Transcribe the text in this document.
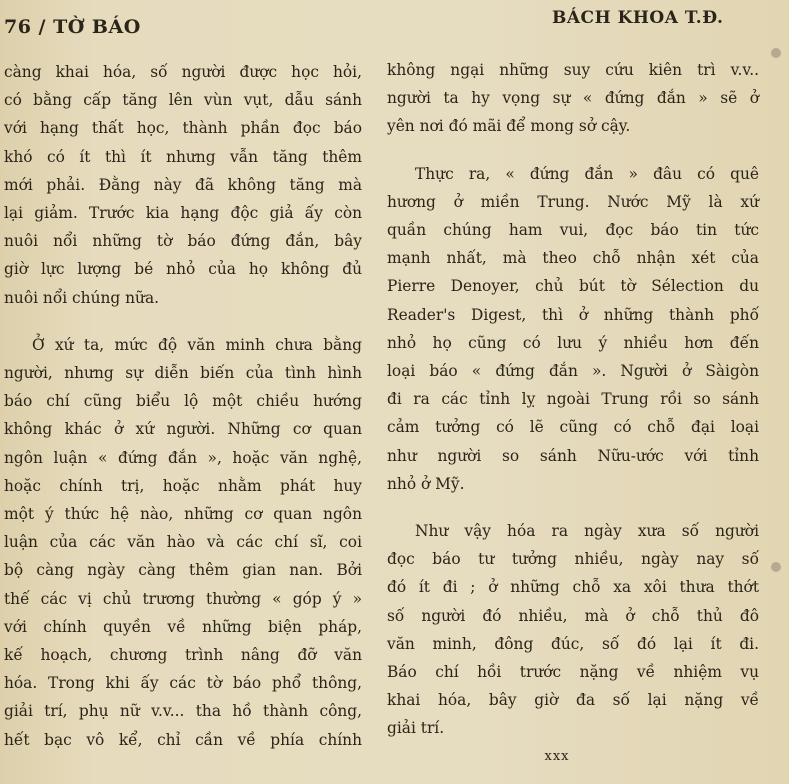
76 / TỜ BÁO	BÁCH KHOA T.Đ.

càng khai hóa, số người được học hỏi,
có bằng cấp tăng lên vùn vụt, dẫu sánh
với hạng thất học, thành phần đọc báo
khó có ít thì ít nhưng vẫn tăng thêm
mới phải. Đằng này đã không tăng mà
lại giảm. Trước kia hạng độc giả ấy còn
nuôi nổi những tờ báo đứng đắn, bây
giờ lực lượng bé nhỏ của họ không đủ
nuôi nổi chúng nữa.

Ở xứ ta, mức độ văn minh chưa bằng
người, nhưng sự diễn biến của tình hình
báo chí cũng biểu lộ một chiều hướng
không khác ở xứ người. Những cơ quan
ngôn luận « đứng đắn », hoặc văn nghệ,
hoặc chính trị, hoặc nhằm phát huy
một ý thức hệ nào, những cơ quan ngôn
luận của các văn hào và các chí sĩ, coi
bộ càng ngày càng thêm gian nan. Bởi
thế các vị chủ trương thường « góp ý »
với chính quyền về những biện pháp,
kế hoạch, chương trình nâng đỡ văn
hóa. Trong khi ấy các tờ báo phổ thông,
giải trí, phụ nữ v.v... tha hồ thành công,
hết bạc vô kể, chỉ cần về phía chính

không ngại những suy cứu kiên trì v.v..
người ta hy vọng sự « đứng đắn » sẽ ở
yên nơi đó mãi để mong sở cậy.

Thực ra, « đứng đắn » đâu có quê
hương ở miền Trung. Nước Mỹ là xứ
quần chúng ham vui, đọc báo tin tức
mạnh nhất, mà theo chỗ nhận xét của
Pierre Denoyer, chủ bút tờ Sélection du
Reader's Digest, thì ở những thành phố
nhỏ họ cũng có lưu ý nhiều hơn đến
loại báo « đứng đắn ». Người ở Sàigòn
đi ra các tỉnh lỵ ngoài Trung rồi so sánh
cảm tưởng có lẽ cũng có chỗ đại loại
như người so sánh Nữu-ước với tỉnh
nhỏ ở Mỹ.

Như vậy hóa ra ngày xưa số người
đọc báo tư tưởng nhiều, ngày nay số
đó ít đi ; ở những chỗ xa xôi thưa thớt
số người đó nhiều, mà ở chỗ thủ đô
văn minh, đông đúc, số đó lại ít đi.
Báo chí hồi trước nặng về nhiệm vụ
khai hóa, bây giờ đa số lại nặng về
giải trí.

xxx
